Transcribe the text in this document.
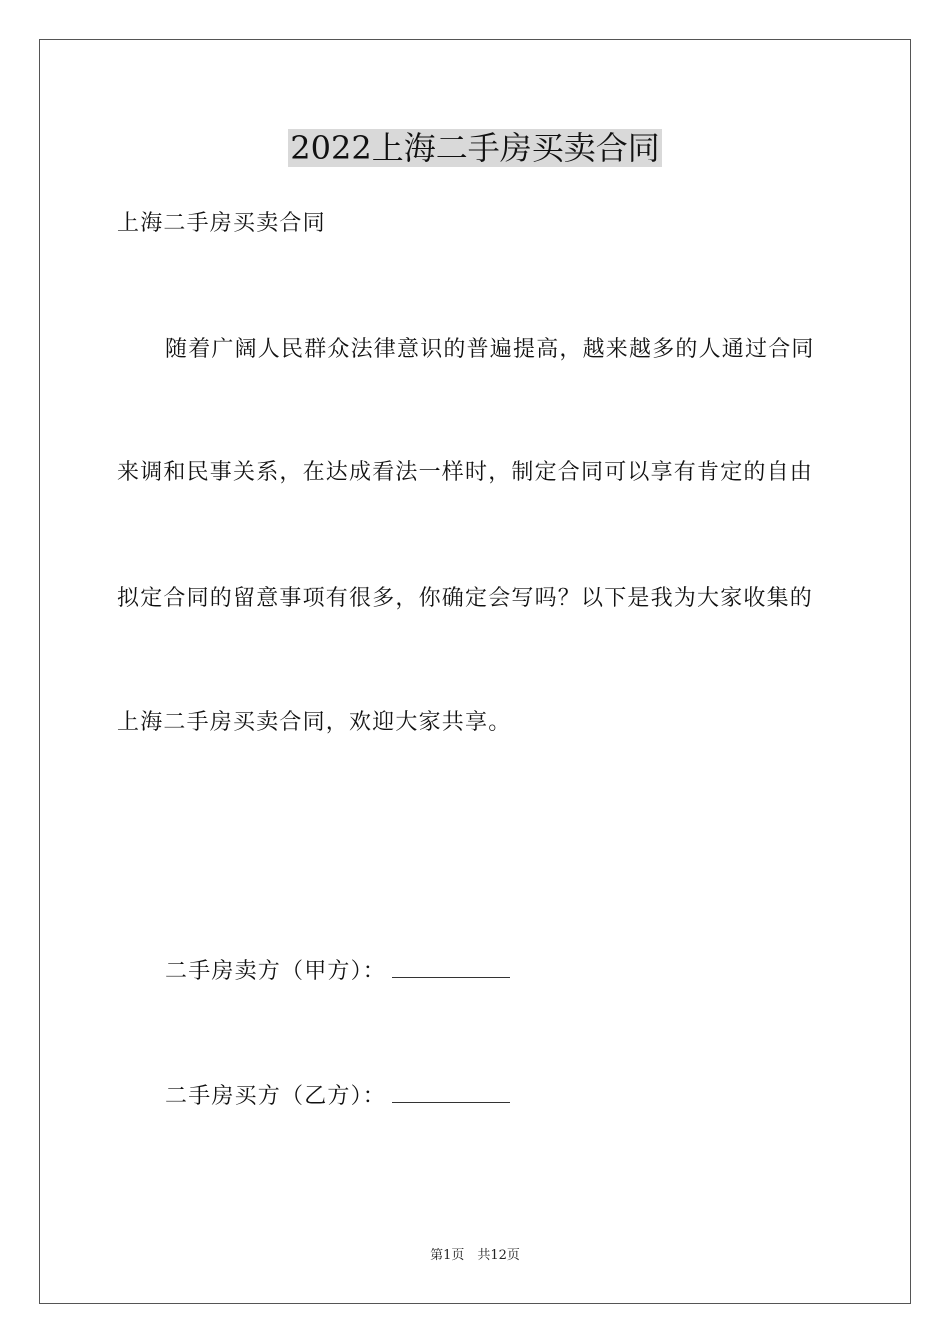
2022上海二手房买卖合同
上海二手房买卖合同
随着广阔人民群众法律意识的普遍提高，越来越多的人通过合同
来调和民事关系，在达成看法一样时，制定合同可以享有肯定的自由
拟定合同的留意事项有很多，你确定会写吗？以下是我为大家收集的
上海二手房买卖合同，欢迎大家共享。
二手房卖方（甲方）：
二手房买方（乙方）：
第1页　共12页
